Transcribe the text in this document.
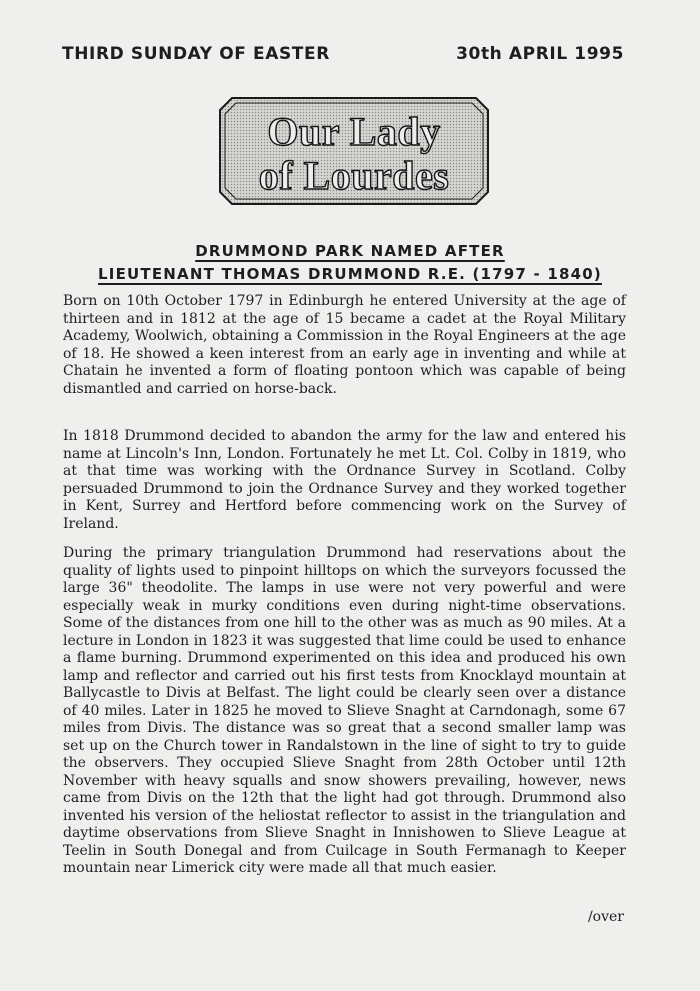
THIRD SUNDAY OF EASTER	30th APRIL 1995
Our Lady
of Lourdes
DRUMMOND PARK NAMED AFTER
LIEUTENANT THOMAS DRUMMOND R.E. (1797 - 1840)
Born on 10th October 1797 in Edinburgh he entered University at the age of thirteen and in 1812 at the age of 15 became a cadet at the Royal Military Academy, Woolwich, obtaining a Commission in the Royal Engineers at the age of 18. He showed a keen interest from an early age in inventing and while at Chatain he invented a form of floating pontoon which was capable of being dismantled and carried on horse-back.
In 1818 Drummond decided to abandon the army for the law and entered his name at Lincoln's Inn, London. Fortunately he met Lt. Col. Colby in 1819, who at that time was working with the Ordnance Survey in Scotland. Colby persuaded Drummond to join the Ordnance Survey and they worked together in Kent, Surrey and Hertford before commencing work on the Survey of Ireland.
During the primary triangulation Drummond had reservations about the quality of lights used to pinpoint hilltops on which the surveyors focussed the large 36" theodolite. The lamps in use were not very powerful and were especially weak in murky conditions even during night-time observations. Some of the distances from one hill to the other was as much as 90 miles. At a lecture in London in 1823 it was suggested that lime could be used to enhance a flame burning. Drummond experimented on this idea and produced his own lamp and reflector and carried out his first tests from Knocklayd mountain at Ballycastle to Divis at Belfast. The light could be clearly seen over a distance of 40 miles. Later in 1825 he moved to Slieve Snaght at Carndonagh, some 67 miles from Divis. The distance was so great that a second smaller lamp was set up on the Church tower in Randalstown in the line of sight to try to guide the observers. They occupied Slieve Snaght from 28th October until 12th November with heavy squalls and snow showers prevailing, however, news came from Divis on the 12th that the light had got through. Drummond also invented his version of the heliostat reflector to assist in the triangulation and daytime observations from Slieve Snaght in Innishowen to Slieve League at Teelin in South Donegal and from Cuilcage in South Fermanagh to Keeper mountain near Limerick city were made all that much easier.
/over
